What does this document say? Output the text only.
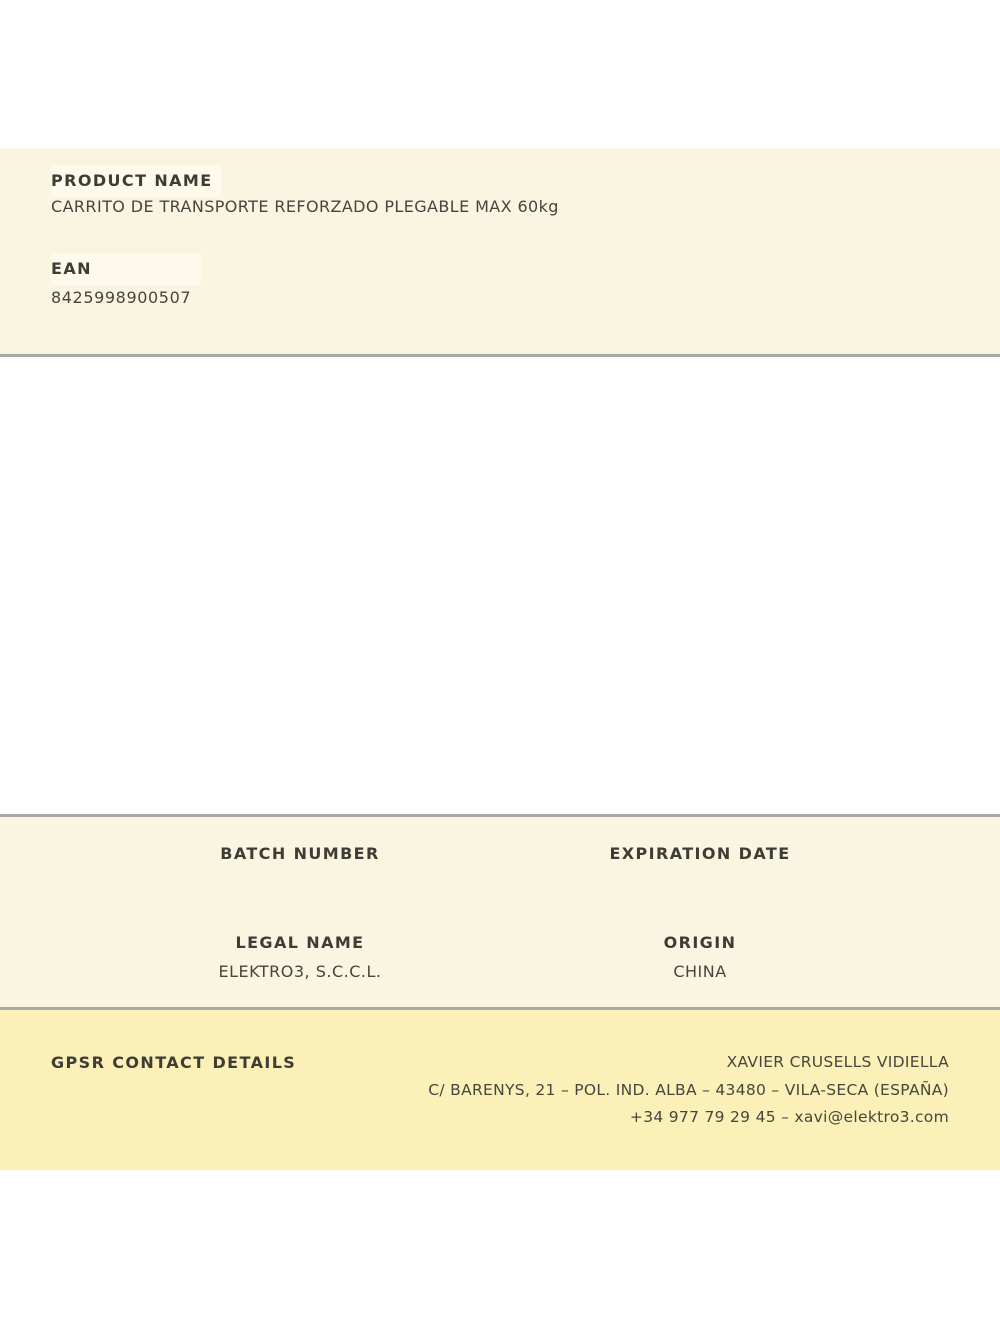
PRODUCT NAME
CARRITO DE TRANSPORTE REFORZADO PLEGABLE MAX 60kg
EAN
8425998900507
BATCH NUMBER	EXPIRATION DATE
LEGAL NAME
ELEKTRO3, S.C.C.L.
ORIGIN
CHINA
GPSR CONTACT DETAILS	XAVIER CRUSELLS VIDIELLA
C/ BARENYS, 21 – POL. IND. ALBA – 43480 – VILA-SECA (ESPAÑA)
+34 977 79 29 45 – xavi@elektro3.com
